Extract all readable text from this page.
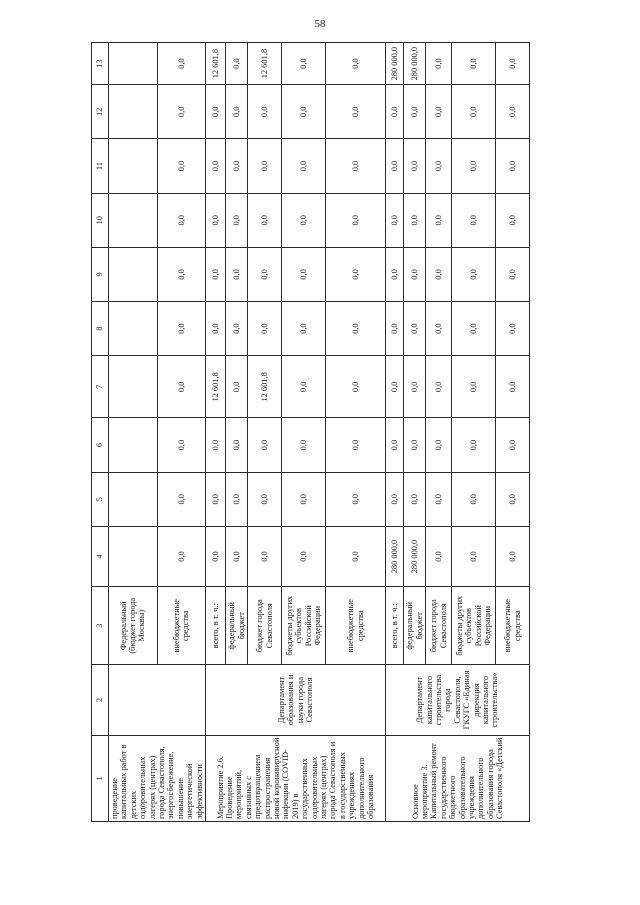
58
1	2	3	4	5	6	7	8	9	10	11	12	13
проведение капитальных работ в детских оздоровительных лагерях (центрах) города Севастополя, энергосбережение, повышение энергетической эффективности		Федеральный (бюджет города Москвы)										
		внебюджетные средства	0,0	0,0	0,0	0,0	0,0	0,0	0,0	0,0	0,0	0,0
Мероприятие 2.6. Проведение мероприятий, связанных с предотвращением распространения новой коронавирусной инфекции (COVID-2019) в государственных оздоровительных лагерях (центрах) города Севастополя и в государственных учреждениях дополнительного образования	Департамент образования и науки города Севастополя	всего, в т. ч.:	0,0	0,0	0,0	12 601,8	0,0	0,0	0,0	0,0	0,0	12 601,8
		федеральный бюджет	0,0	0,0	0,0	0,0	0,0	0,0	0,0	0,0	0,0	0,0
		бюджет города Севастополя	0,0	0,0	0,0	12 601,8	0,0	0,0	0,0	0,0	0,0	12 601,8
		бюджеты других субъектов Российской Федерации	0,0	0,0	0,0	0,0	0,0	0,0	0,0	0,0	0,0	0,0
		внебюджетные средства	0,0	0,0	0,0	0,0	0,0	0,0	0,0	0,0	0,0	0,0
Основное мероприятие 3. Капитальный ремонт государственного бюджетного образовательного учреждения дополнительного образования города Севастополя «Детский	Департамент капитального строительства города Севастополя, ГКУГС «Единая дирекция капитального строительства»	всего, в т. ч.:	280 000,0	0,0	0,0	0,0	0,0	0,0	0,0	0,0	0,0	280 000,0
		федеральный бюджет	280 000,0	0,0	0,0	0,0	0,0	0,0	0,0	0,0	0,0	280 000,0
		бюджет города Севастополя	0,0	0,0	0,0	0,0	0,0	0,0	0,0	0,0	0,0	0,0
		бюджеты других субъектов Российской Федерации	0,0	0,0	0,0	0,0	0,0	0,0	0,0	0,0	0,0	0,0
		внебюджетные средства	0,0	0,0	0,0	0,0	0,0	0,0	0,0	0,0	0,0	0,0
